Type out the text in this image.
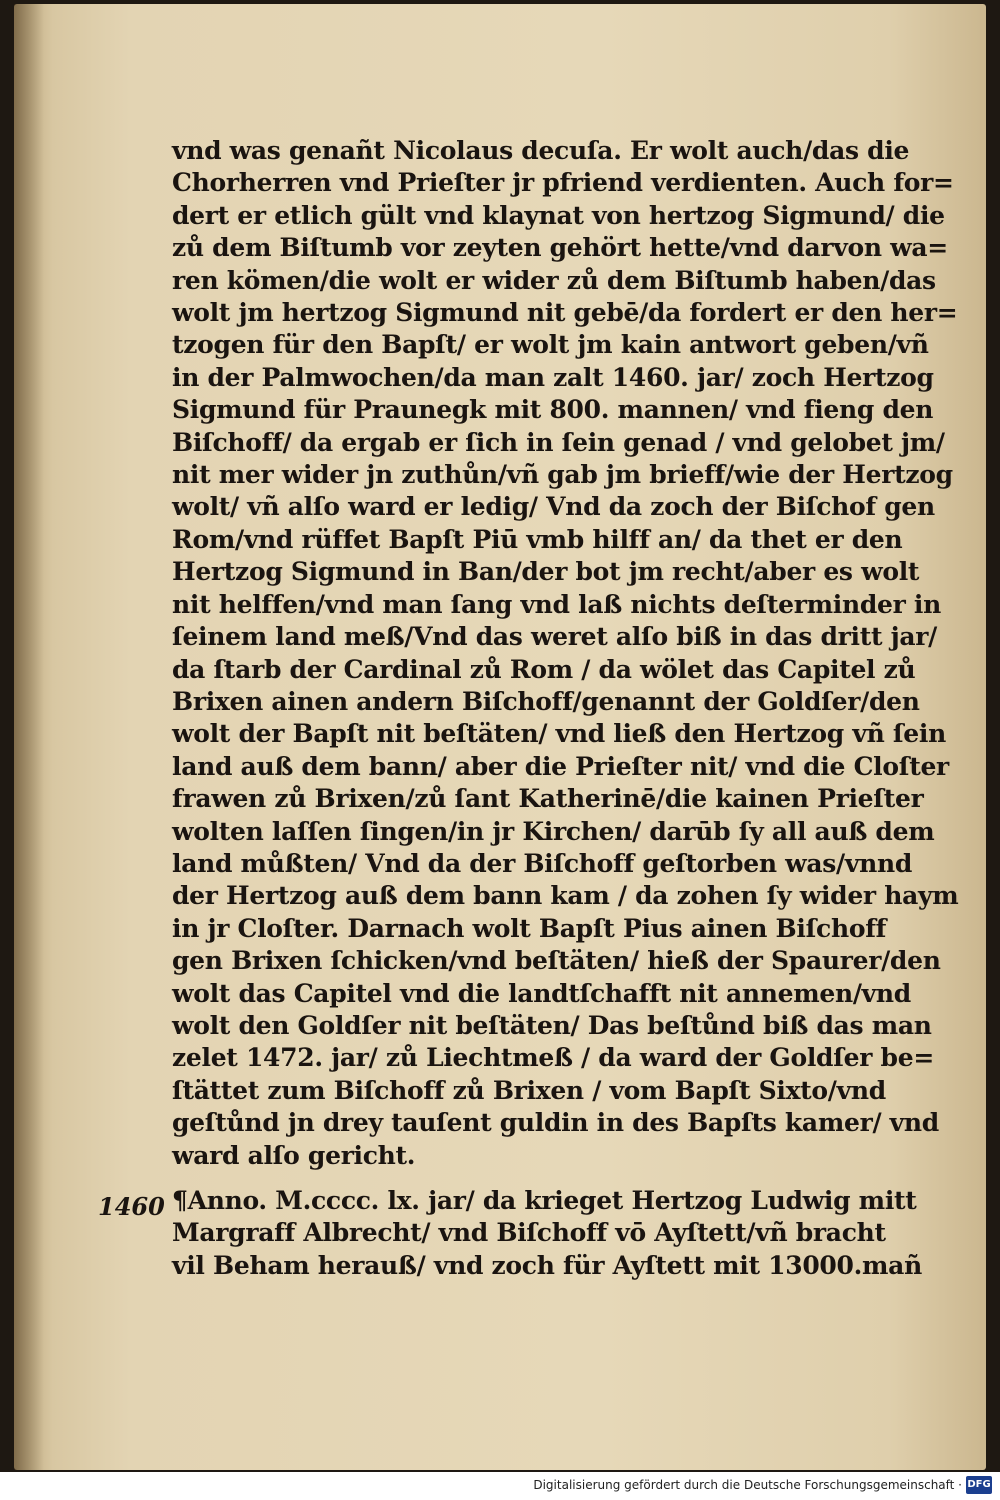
vnd was genañt Nicolaus decuſa. Er wolt auch/das die
Chorherren vnd Prieſter jr pfriend verdienten. Auch for=
dert er etlich gült vnd klaynat von hertzog Sigmund/ die
zů dem Biſtumb vor zeyten gehört hette/vnd darvon wa=
ren kömen/die wolt er wider zů dem Biſtumb haben/das
wolt jm hertzog Sigmund nit gebē/da fordert er den her=
tzogen für den Bapſt/ er wolt jm kain antwort geben/vñ
in der Palmwochen/da man zalt 1460. jar/ zoch Hertzog
Sigmund für Praunegk mit 800. mannen/ vnd fieng den
Biſchoff/ da ergab er ſich in ſein genad / vnd gelobet jm/
nit mer wider jn zuthůn/vñ gab jm brieff/wie der Hertzog
wolt/ vñ alſo ward er ledig/ Vnd da zoch der Biſchof gen
Rom/vnd rüffet Bapſt Piū vmb hilff an/ da thet er den
Hertzog Sigmund in Ban/der bot jm recht/aber es wolt
nit helffen/vnd man ſang vnd laß nichts deſterminder in
ſeinem land meß/Vnd das weret alſo biß in das dritt jar/
da ſtarb der Cardinal zů Rom / da wölet das Capitel zů
Brixen ainen andern Biſchoff/genannt der Goldſer/den
wolt der Bapſt nit beſtäten/ vnd ließ den Hertzog vñ ſein
land auß dem bann/ aber die Prieſter nit/ vnd die Cloſter
frawen zů Brixen/zů ſant Katherinē/die kainen Prieſter
wolten laſſen ſingen/in jr Kirchen/ darūb ſy all auß dem
land můßten/ Vnd da der Biſchoff geſtorben was/vnnd
der Hertzog auß dem bann kam / da zohen ſy wider haym
in jr Cloſter. Darnach wolt Bapſt Pius ainen Biſchoff
gen Brixen ſchicken/vnd beſtäten/ hieß der Spaurer/den
wolt das Capitel vnd die landtſchafft nit annemen/vnd
wolt den Goldſer nit beſtäten/ Das beſtůnd biß das man
zelet 1472. jar/ zů Liechtmeß / da ward der Goldſer be=
ſtättet zum Biſchoff zů Brixen / vom Bapſt Sixto/vnd
geſtůnd jn drey tauſent guldin in des Bapſts kamer/ vnd
ward alſo gericht.
1460 ¶Anno. M.cccc. lx. jar/ da krieget Hertzog Ludwig mitt
Margraff Albrecht/ vnd Biſchoff vō Ayſtett/vñ bracht
vil Beham herauß/ vnd zoch für Ayſtett mit 13000.mañ
Digitalisierung gefördert durch die Deutsche Forschungsgemeinschaft · DFG
